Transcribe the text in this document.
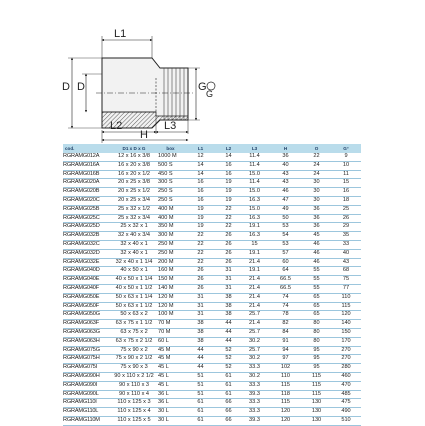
L1
D D	G
G
L2	L3
H
cod.	D1 x D x G	box	L1	L2	L3	H	O	G°
RGRAMG012A	12 x 16 x 3/8	1000 M	12	14	11.4	36	22	9
RGRAMG016A	16 x 20 x 3/8	500 S	14	16	11.4	40	24	10
RGRAMG016B	16 x 20 x 1/2	450 S	14	16	15.0	43	24	11
RGRAMG020A	20 x 25 x 3/8	300 S	16	19	11.4	43	30	15
RGRAMG020B	20 x 25 x 1/2	250 S	16	19	15.0	46	30	16
RGRAMG020C	20 x 25 x 3/4	250 S	16	19	16.3	47	30	18
RGRAMG025B	25 x 32 x 1/2	400 M	19	22	15.0	49	36	25
RGRAMG025C	25 x 32 x 3/4	400 M	19	22	16.3	50	36	26
RGRAMG025D	25 x 32 x 1	350 M	19	22	19.1	53	36	29
RGRAMG032B	32 x 40 x 3/4	300 M	22	26	16.3	54	45	35
RGRAMG032C	32 x 40 x 1	250 M	22	26	15	53	46	33
RGRAMG032D	32 x 40 x 1	250 M	22	26	19.1	57	46	40
RGRAMG032E	32 x 40 x 1 1/4	200 M	22	26	21.4	60	46	43
RGRAMG040D	40 x 50 x 1	160 M	26	31	19.1	64	55	68
RGRAMG040E	40 x 50 x 1 1/4	150 M	26	31	21.4	66.5	55	75
RGRAMG040F	40 x 50 x 1 1/2	140 M	26	31	21.4	66.5	55	77
RGRAMG050E	50 x 63 x 1 1/4	120 M	31	38	21.4	74	65	110
RGRAMG050F	50 x 63 x 1 1/2	120 M	31	38	21.4	74	65	115
RGRAMG050G	50 x 63 x 2	100 M	31	38	25.7	78	65	120
RGRAMG063F	63 x 75 x 1 1/2	70 M	38	44	21.4	82	80	140
RGRAMG063G	63 x 75 x 2	70 M	38	44	25.7	84	80	150
RGRAMG063H	63 x 75 x 2 1/2	60 L	38	44	30.2	91	80	170
RGRAMG075G	75 x 90 x 2	45 M	44	52	25.7	94	95	270
RGRAMG075H	75 x 90 x 2 1/2	45 M	44	52	30.2	97	95	270
RGRAMG075I	75 x 90 x 3	45 L	44	52	33.3	102	95	280
RGRAMG090H	90 x 110 x 2 1/2	45 L	51	61	30.2	110	115	460
RGRAMG090I	90 x 110 x 3	45 L	51	61	33.3	115	115	470
RGRAMG090L	90 x 110 x 4	36 L	51	61	39.3	118	115	485
RGRAMG110I	110 x 125 x 3	36 L	61	66	33.3	115	130	475
RGRAMG110L	110 x 125 x 4	30 L	61	66	33.3	120	130	490
RGRAMG110M	110 x 125 x 5	30 L	61	66	39.3	120	130	510
